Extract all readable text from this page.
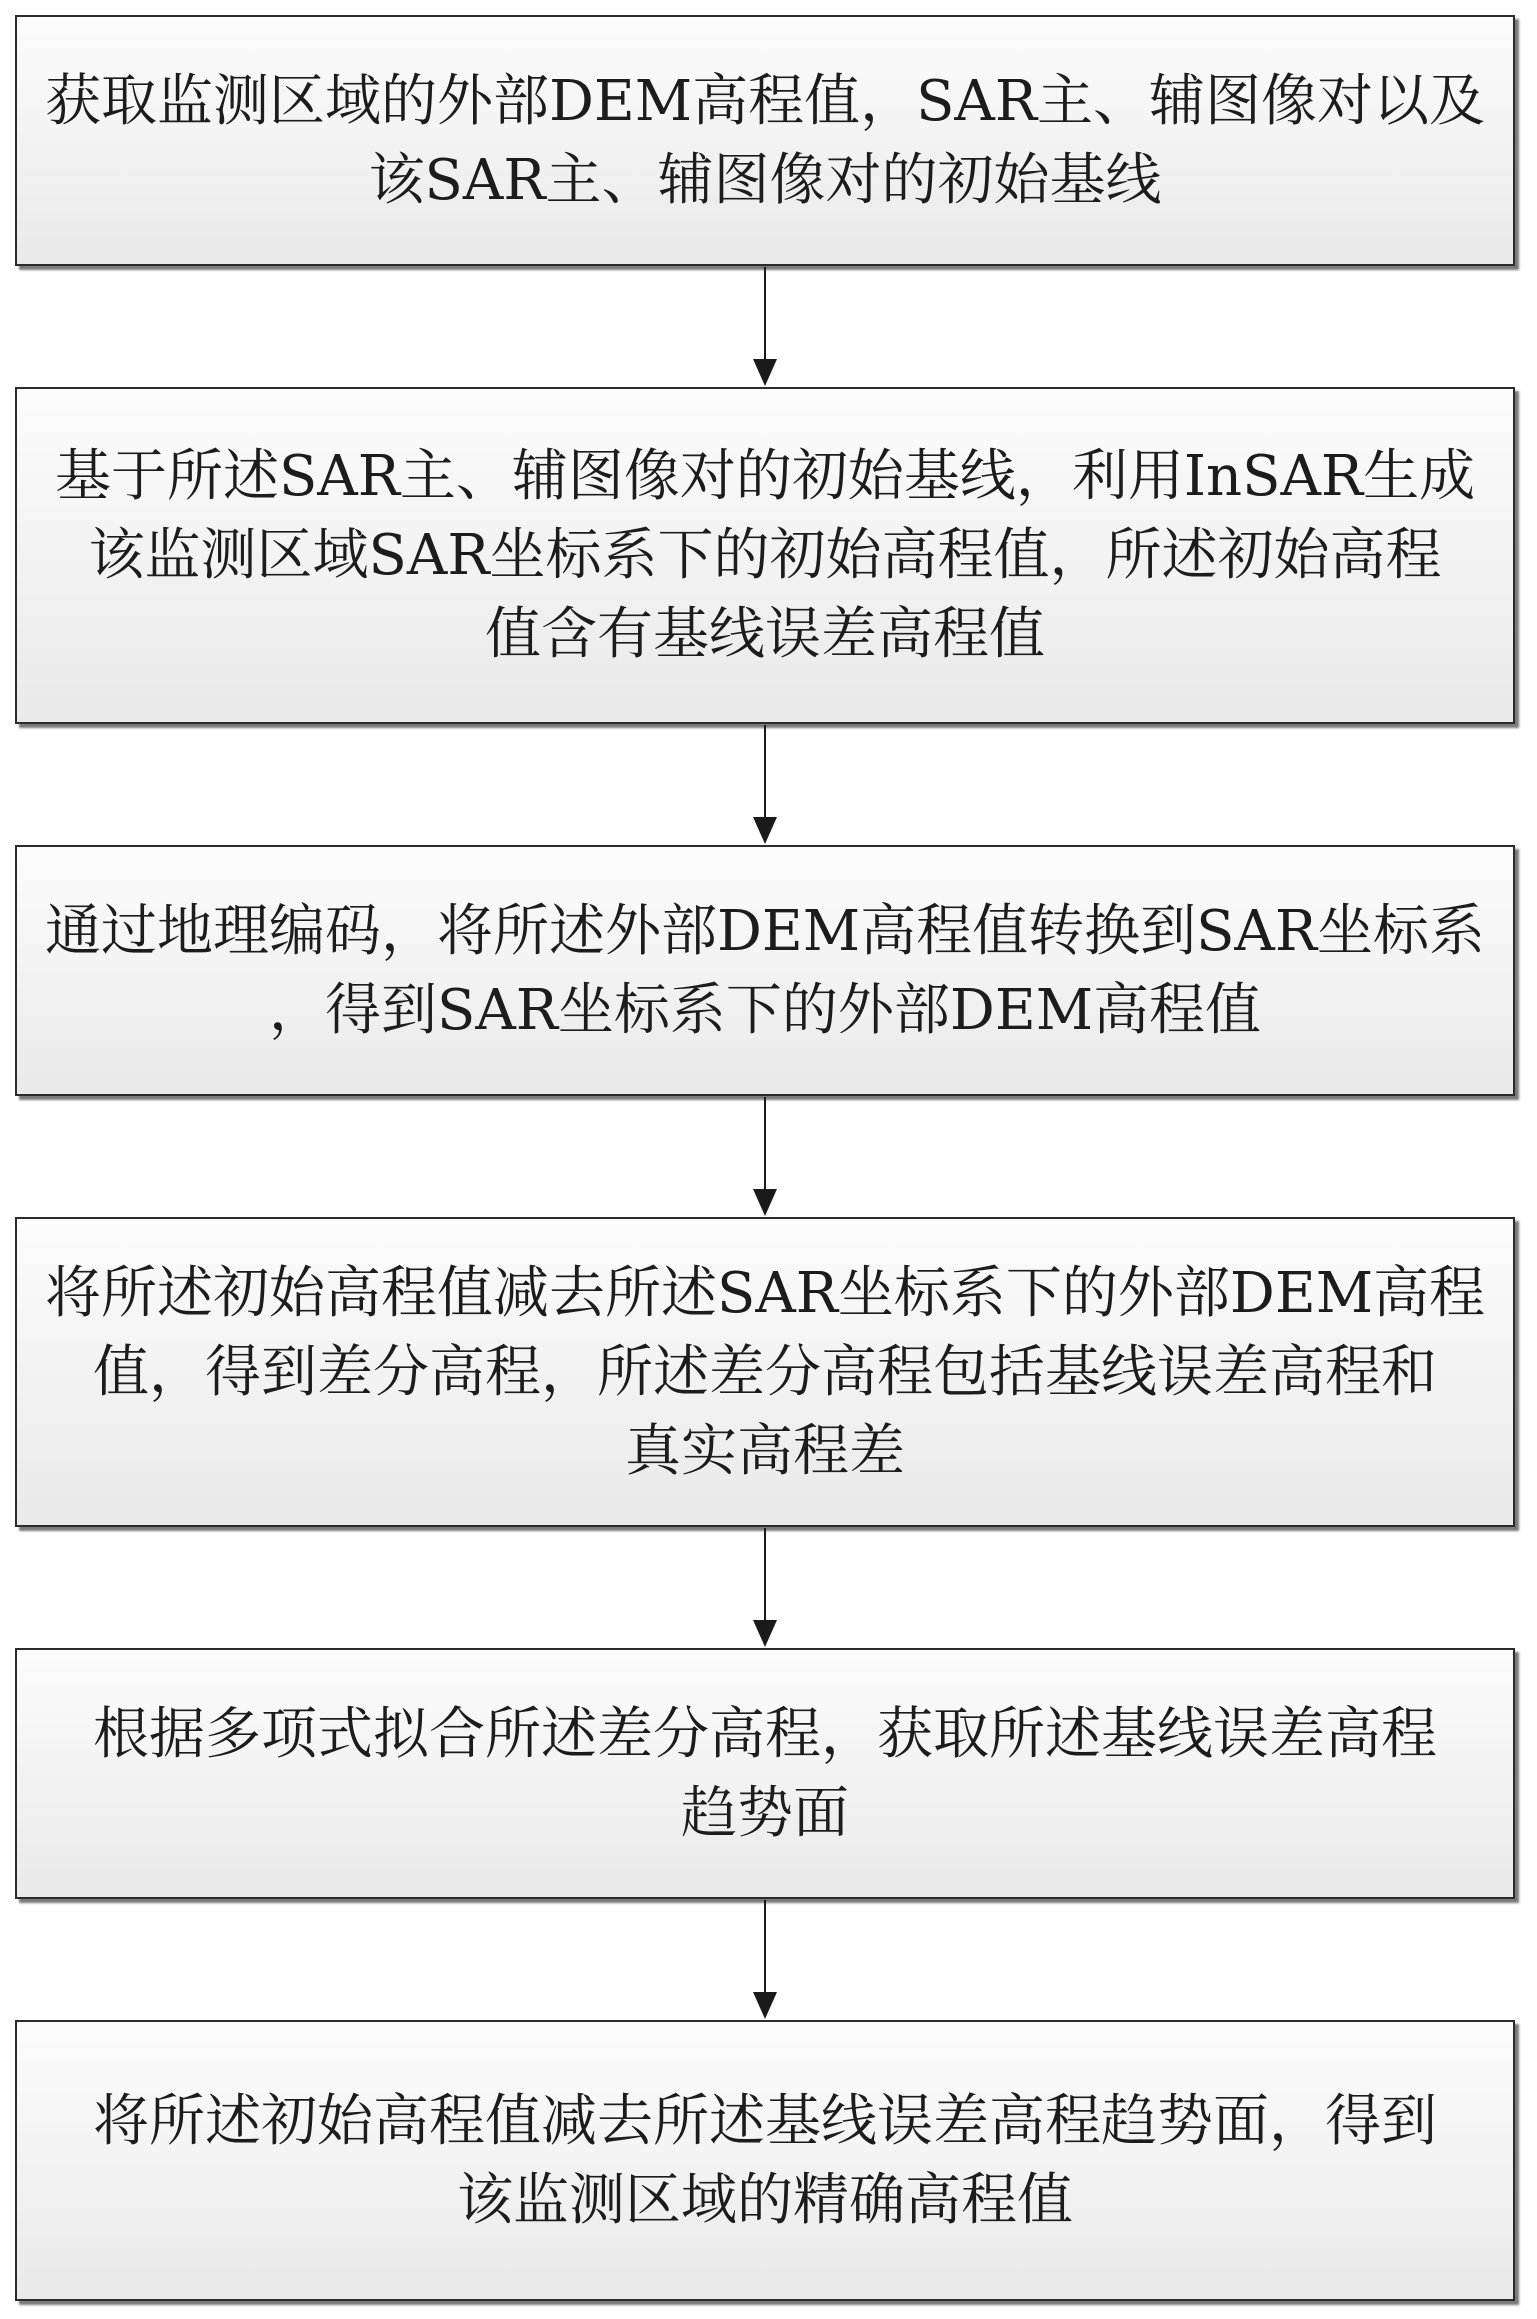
获取监测区域的外部DEM高程值，SAR主、辅图像对以及
该SAR主、辅图像对的初始基线
基于所述SAR主、辅图像对的初始基线，利用InSAR生成
该监测区域SAR坐标系下的初始高程值，所述初始高程
值含有基线误差高程值
通过地理编码，将所述外部DEM高程值转换到SAR坐标系
，得到SAR坐标系下的外部DEM高程值
将所述初始高程值减去所述SAR坐标系下的外部DEM高程
值，得到差分高程，所述差分高程包括基线误差高程和
真实高程差
根据多项式拟合所述差分高程，获取所述基线误差高程
趋势面
将所述初始高程值减去所述基线误差高程趋势面，得到
该监测区域的精确高程值
